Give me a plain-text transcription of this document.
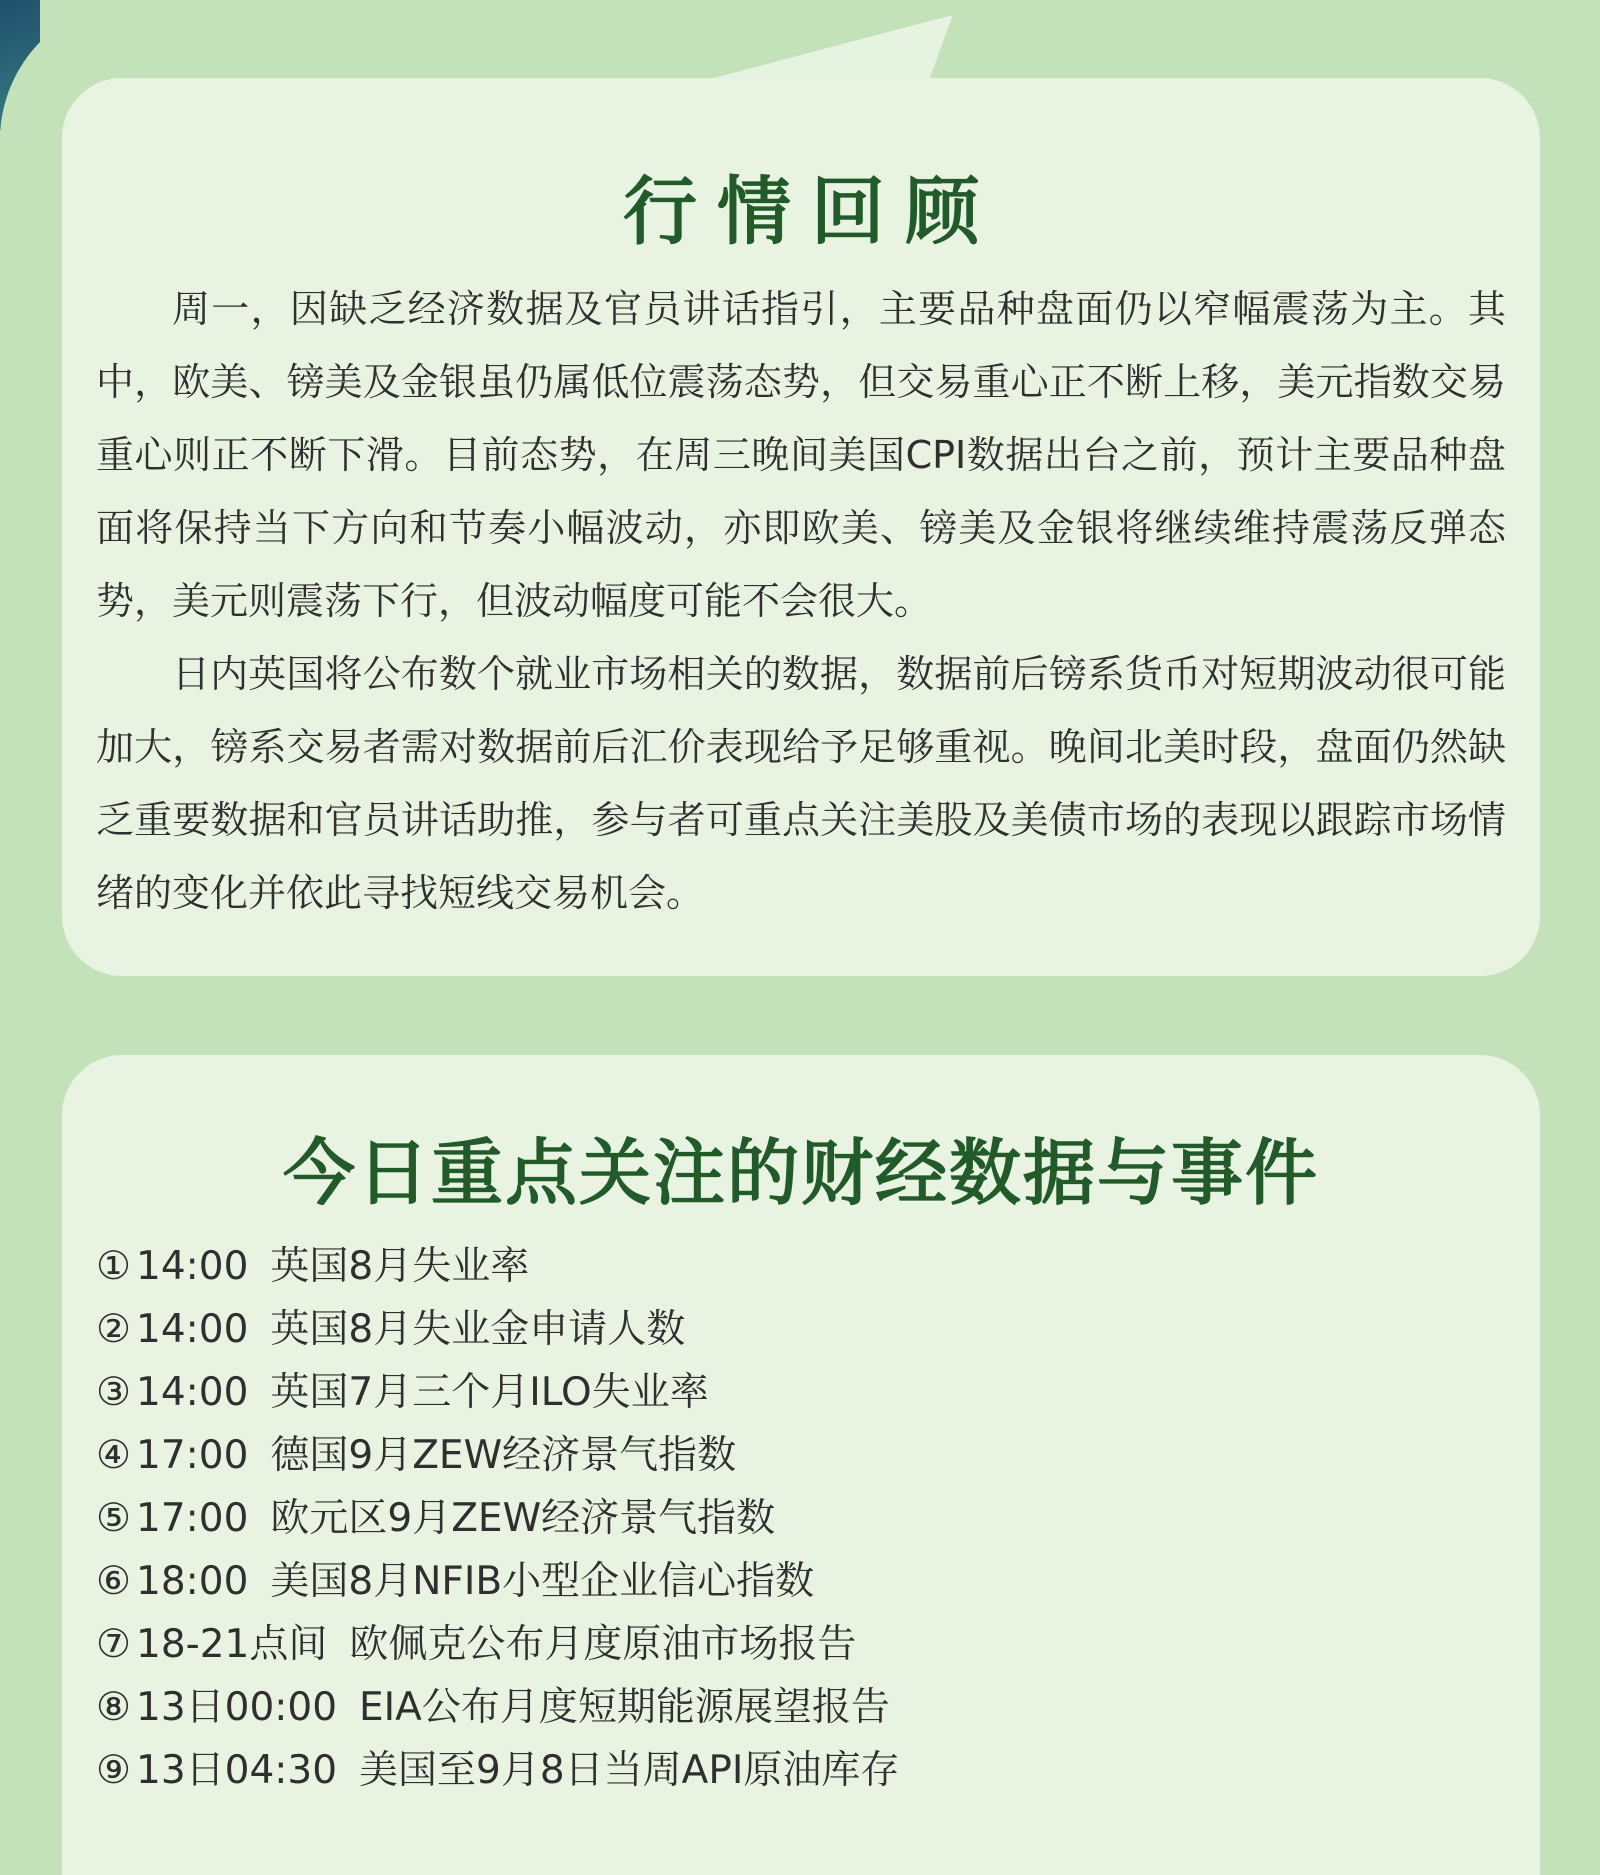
行情回顾

周一，因缺乏经济数据及官员讲话指引，主要品种盘面仍以窄幅震荡为主。其中，欧美、镑美及金银虽仍属低位震荡态势，但交易重心正不断上移，美元指数交易重心则正不断下滑。目前态势，在周三晚间美国CPI数据出台之前，预计主要品种盘面将保持当下方向和节奏小幅波动，亦即欧美、镑美及金银将继续维持震荡反弹态势，美元则震荡下行，但波动幅度可能不会很大。

日内英国将公布数个就业市场相关的数据，数据前后镑系货币对短期波动很可能加大，镑系交易者需对数据前后汇价表现给予足够重视。晚间北美时段，盘面仍然缺乏重要数据和官员讲话助推，参与者可重点关注美股及美债市场的表现以跟踪市场情绪的变化并依此寻找短线交易机会。

今日重点关注的财经数据与事件
① 14:00 英国8月失业率
② 14:00 英国8月失业金申请人数
③ 14:00 英国7月三个月ILO失业率
④ 17:00 德国9月ZEW经济景气指数
⑤ 17:00 欧元区9月ZEW经济景气指数
⑥ 18:00 美国8月NFIB小型企业信心指数
⑦ 18-21点间 欧佩克公布月度原油市场报告
⑧ 13日00:00 EIA公布月度短期能源展望报告
⑨ 13日04:30 美国至9月8日当周API原油库存
